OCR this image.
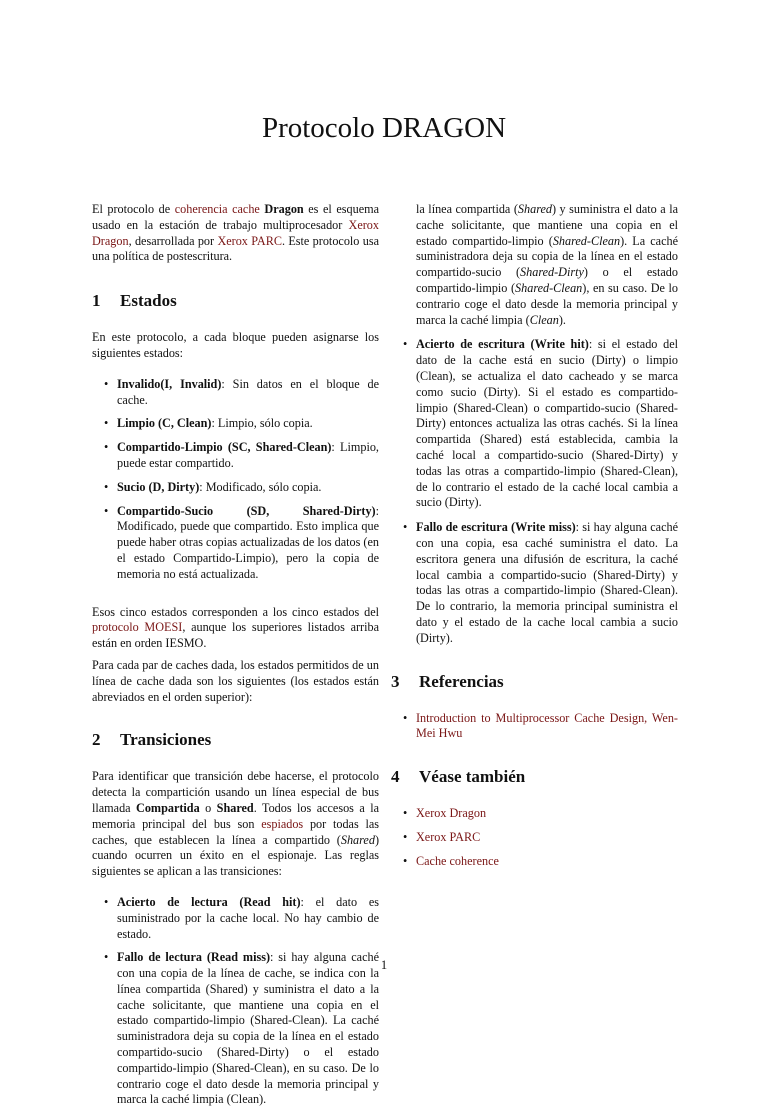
Protocolo DRAGON

El protocolo de coherencia cache Dragon es el esquema usado en la estación de trabajo multiprocesador Xerox Dragon, desarrollada por Xerox PARC. Este protocolo usa una política de postescritura.

1	Estados

En este protocolo, a cada bloque pueden asignarse los siguientes estados:

• Invalido(I, Invalid): Sin datos en el bloque de cache.
• Limpio (C, Clean): Limpio, sólo copia.
• Compartido-Limpio (SC, Shared-Clean): Limpio, puede estar compartido.
• Sucio (D, Dirty): Modificado, sólo copia.
• Compartido-Sucio (SD, Shared-Dirty): Modificado, puede que compartido. Esto implica que puede haber otras copias actualizadas de los datos (en el estado Compartido-Limpio), pero la copia de memoria no está actualizada.

Esos cinco estados corresponden a los cinco estados del protocolo MOESI, aunque los superiores listados arriba están en orden IESMO.

Para cada par de caches dada, los estados permitidos de un línea de cache dada son los siguientes (los estados están abreviados en el orden superior):

2	Transiciones

Para identificar que transición debe hacerse, el protocolo detecta la compartición usando un línea especial de bus llamada Compartida o Shared. Todos los accesos a la memoria principal del bus son espiados por todas las caches, que establecen la línea a compartido (Shared) cuando ocurren un éxito en el espionaje. Las reglas siguientes se aplican a las transiciones:

• Acierto de lectura (Read hit): el dato es suministrado por la cache local. No hay cambio de estado.
• Fallo de lectura (Read miss): si hay alguna caché con una copia de la línea de cache, se indica con la línea compartida (Shared) y suministra el dato a la cache solicitante, que mantiene una copia en el estado compartido-limpio (Shared-Clean). La caché suministradora deja su copia de la línea en el estado compartido-sucio (Shared-Dirty) o el estado compartido-limpio (Shared-Clean), en su caso. De lo contrario coge el dato desde la memoria principal y marca la caché limpia (Clean).
la línea compartida (Shared) y suministra el dato a la cache solicitante, que mantiene una copia en el estado compartido-limpio (Shared-Clean). La caché suministradora deja su copia de la línea en el estado compartido-sucio (Shared-Dirty) o el estado compartido-limpio (Shared-Clean), en su caso. De lo contrario coge el dato desde la memoria principal y marca la caché limpia (Clean).
• Acierto de escritura (Write hit): si el estado del dato de la cache está en sucio (Dirty) o limpio (Clean), se actualiza el dato cacheado y se marca como sucio (Dirty). Si el estado es compartido-limpio (Shared-Clean) o compartido-sucio (Shared-Dirty) entonces actualiza las otras cachés. Si la línea compartida (Shared) está establecida, cambia la caché local a compartido-sucio (Shared-Dirty) y todas las otras a compartido-limpio (Shared-Clean), de lo contrario el estado de la caché local cambia a sucio (Dirty).
• Fallo de escritura (Write miss): si hay alguna caché con una copia, esa caché suministra el dato. La escritora genera una difusión de escritura, la caché local cambia a compartido-sucio (Shared-Dirty) y todas las otras a compartido-limpio (Shared-Clean). De lo contrario, la memoria principal suministra el dato y el estado de la cache local cambia a sucio (Dirty).
3	Referencias
• Introduction to Multiprocessor Cache Design, Wen-Mei Hwu
4	Véase también
• Xerox Dragon
• Xerox PARC
• Cache coherence
1
